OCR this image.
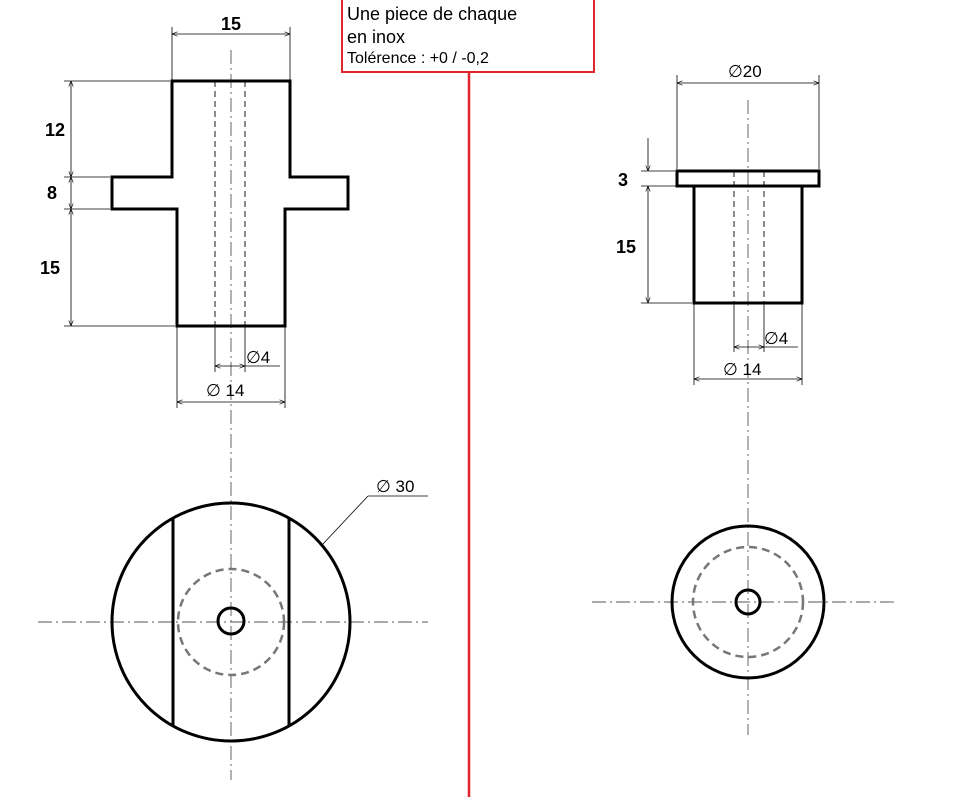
15
12
8
15
∅4
∅ 14
∅ 30
∅20
3
15
∅4
∅ 14
Une piece de chaque
en inox
Tolérence : +0 / -0,2
